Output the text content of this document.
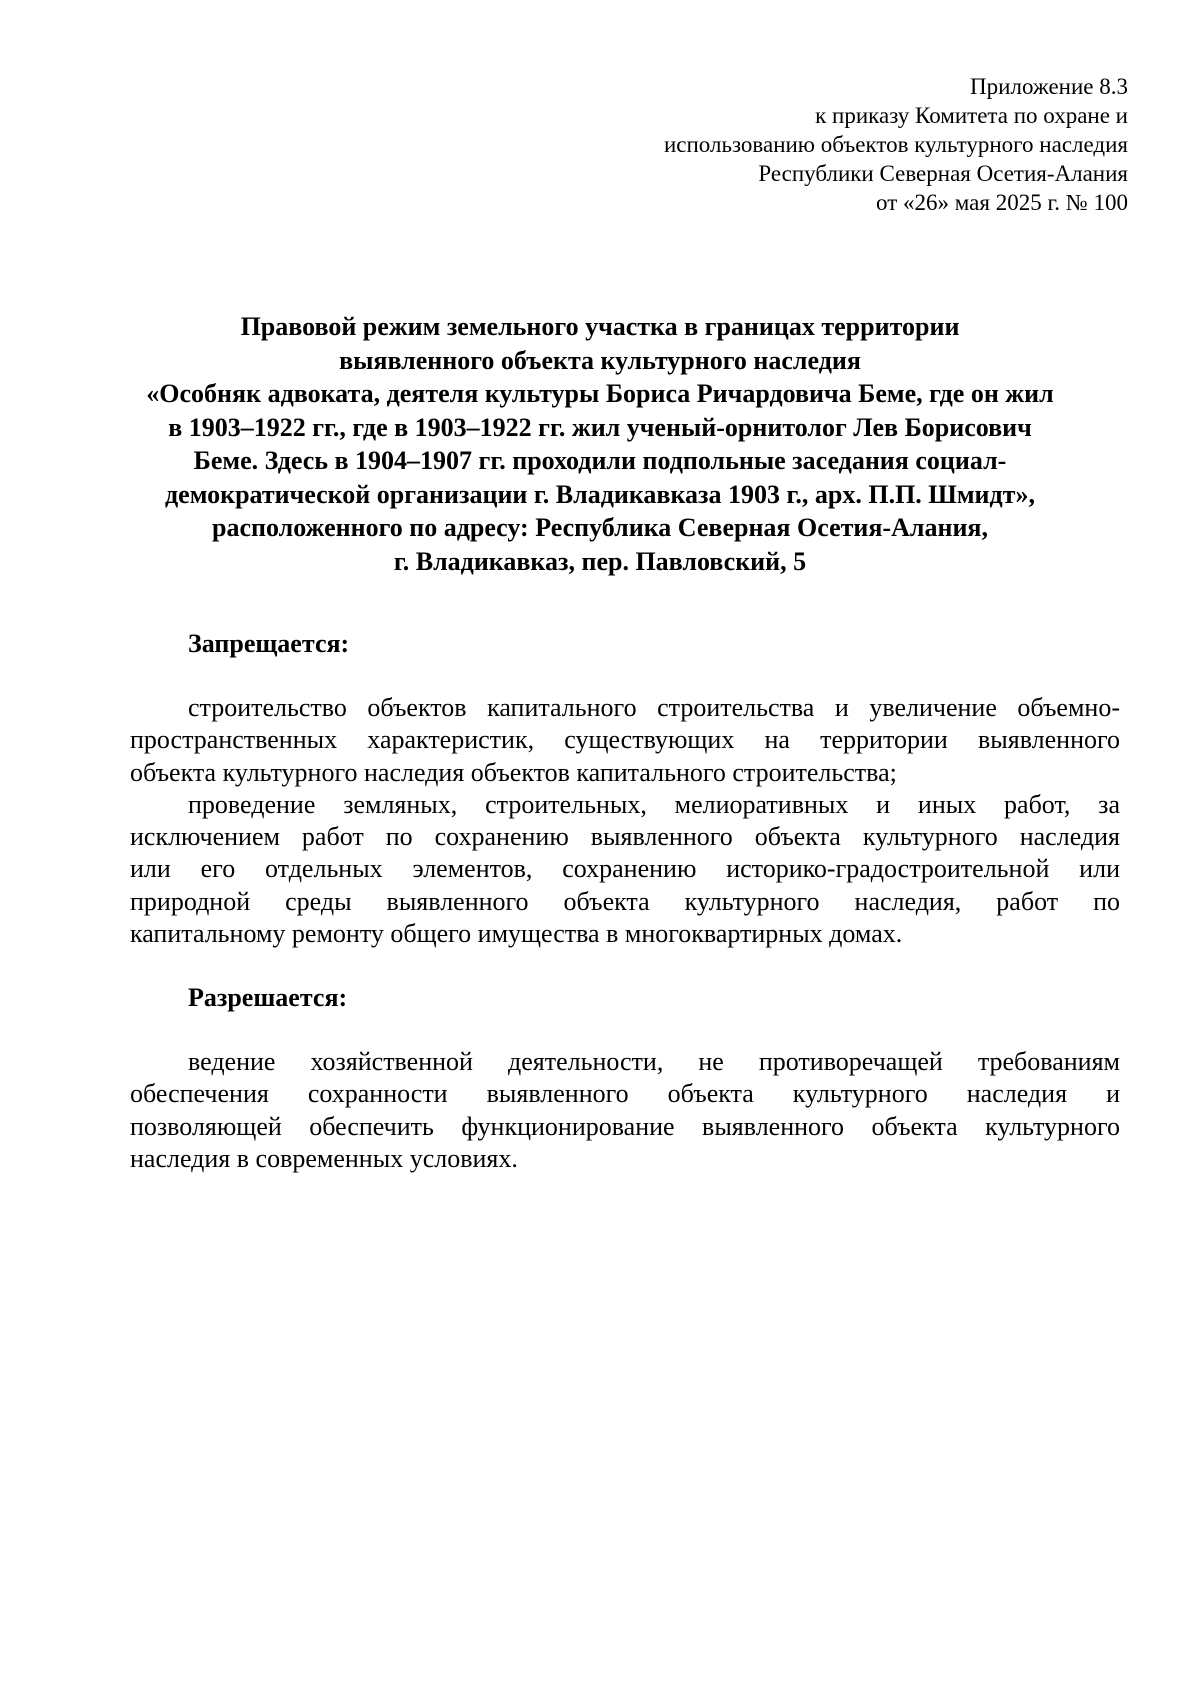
Приложение 8.3
к приказу Комитета по охране и
использованию объектов культурного наследия
Республики Северная Осетия-Алания
от «26» мая 2025 г. № 100
Правовой режим земельного участка в границах территории
выявленного объекта культурного наследия
«Особняк адвоката, деятеля культуры Бориса Ричардовича Беме, где он жил
в 1903–1922 гг., где в 1903–1922 гг. жил ученый-орнитолог Лев Борисович
Беме. Здесь в 1904–1907 гг. проходили подпольные заседания социал-
демократической организации г. Владикавказа 1903 г., арх. П.П. Шмидт»,
расположенного по адресу: Республика Северная Осетия-Алания,
г. Владикавказ, пер. Павловский, 5
Запрещается:
строительство объектов капитального строительства и увеличение объемно-
пространственных характеристик, существующих на территории выявленного
объекта культурного наследия объектов капитального строительства;
проведение земляных, строительных, мелиоративных и иных работ, за
исключением работ по сохранению выявленного объекта культурного наследия
или его отдельных элементов, сохранению историко-градостроительной или
природной среды выявленного объекта культурного наследия, работ по
капитальному ремонту общего имущества в многоквартирных домах.
Разрешается:
ведение хозяйственной деятельности, не противоречащей требованиям
обеспечения сохранности выявленного объекта культурного наследия и
позволяющей обеспечить функционирование выявленного объекта культурного
наследия в современных условиях.
